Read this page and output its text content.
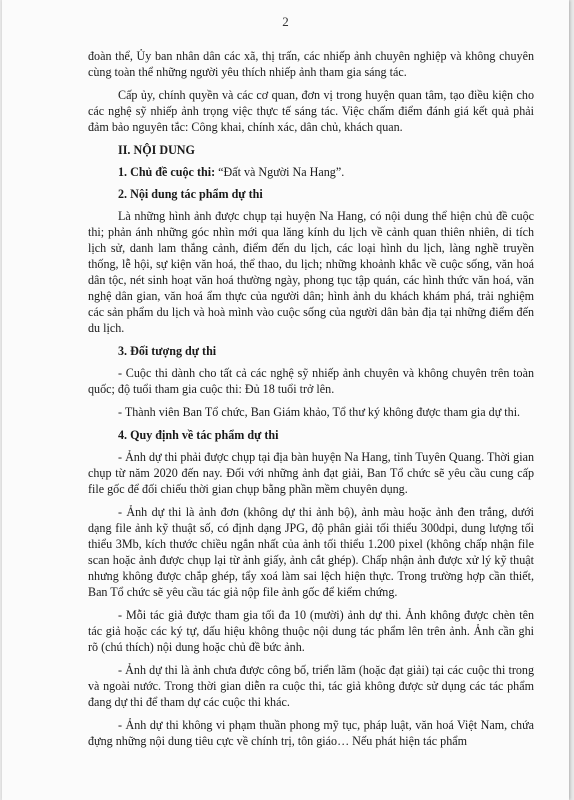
2

đoàn thể, Ủy ban nhân dân các xã, thị trấn, các nhiếp ảnh chuyên nghiệp và không chuyên cùng toàn thể những người yêu thích nhiếp ảnh tham gia sáng tác.

Cấp ủy, chính quyền và các cơ quan, đơn vị trong huyện quan tâm, tạo điều kiện cho các nghệ sỹ nhiếp ảnh trọng việc thực tế sáng tác. Việc chấm điểm đánh giá kết quả phải đảm bảo nguyên tắc: Công khai, chính xác, dân chủ, khách quan.

II. NỘI DUNG
1. Chủ đề cuộc thi: “Đất và Người Na Hang”.
2. Nội dung tác phẩm dự thi

Là những hình ảnh được chụp tại huyện Na Hang, có nội dung thể hiện chủ đề cuộc thi; phản ánh những góc nhìn mới qua lăng kính du lịch về cảnh quan thiên nhiên, di tích lịch sử, danh lam thắng cảnh, điểm đến du lịch, các loại hình du lịch, làng nghề truyền thống, lễ hội, sự kiện văn hoá, thể thao, du lịch; những khoảnh khắc về cuộc sống, văn hoá dân tộc, nét sinh hoạt văn hoá thường ngày, phong tục tập quán, các hình thức văn hoá, văn nghệ dân gian, văn hoá ẩm thực của người dân; hình ảnh du khách khám phá, trải nghiệm các sản phẩm du lịch và hoà mình vào cuộc sống của người dân bản địa tại những điểm đến du lịch.

3. Đối tượng dự thi

- Cuộc thi dành cho tất cả các nghệ sỹ nhiếp ảnh chuyên và không chuyên trên toàn quốc; độ tuổi tham gia cuộc thi: Đủ 18 tuổi trở lên.

- Thành viên Ban Tổ chức, Ban Giám khảo, Tổ thư ký không được tham gia dự thi.

4. Quy định về tác phẩm dự thi

- Ảnh dự thi phải được chụp tại địa bàn huyện Na Hang, tỉnh Tuyên Quang. Thời gian chụp từ năm 2020 đến nay. Đối với những ảnh đạt giải, Ban Tổ chức sẽ yêu cầu cung cấp file gốc để đối chiếu thời gian chụp bằng phần mềm chuyên dụng.

- Ảnh dự thi là ảnh đơn (không dự thi ảnh bộ), ảnh màu hoặc ảnh đen trắng, dưới dạng file ảnh kỹ thuật số, có định dạng JPG, độ phân giải tối thiểu 300dpi, dung lượng tối thiểu 3Mb, kích thước chiều ngắn nhất của ảnh tối thiểu 1.200 pixel (không chấp nhận file scan hoặc ảnh được chụp lại từ ảnh giấy, ảnh cắt ghép). Chấp nhận ảnh được xử lý kỹ thuật nhưng không được chắp ghép, tẩy xoá làm sai lệch hiện thực. Trong trường hợp cần thiết, Ban Tổ chức sẽ yêu cầu tác giả nộp file ảnh gốc để kiểm chứng.

- Mỗi tác giả được tham gia tối đa 10 (mười) ảnh dự thi. Ảnh không được chèn tên tác giả hoặc các ký tự, dấu hiệu không thuộc nội dung tác phẩm lên trên ảnh. Ảnh cần ghi rõ (chú thích) nội dung hoặc chủ đề bức ảnh.

- Ảnh dự thi là ảnh chưa được công bố, triển lãm (hoặc đạt giải) tại các cuộc thi trong và ngoài nước. Trong thời gian diễn ra cuộc thi, tác giả không được sử dụng các tác phẩm đang dự thi để tham dự các cuộc thi khác.

- Ảnh dự thi không vi phạm thuần phong mỹ tục, pháp luật, văn hoá Việt Nam, chứa đựng những nội dung tiêu cực về chính trị, tôn giáo… Nếu phát hiện tác phẩm
